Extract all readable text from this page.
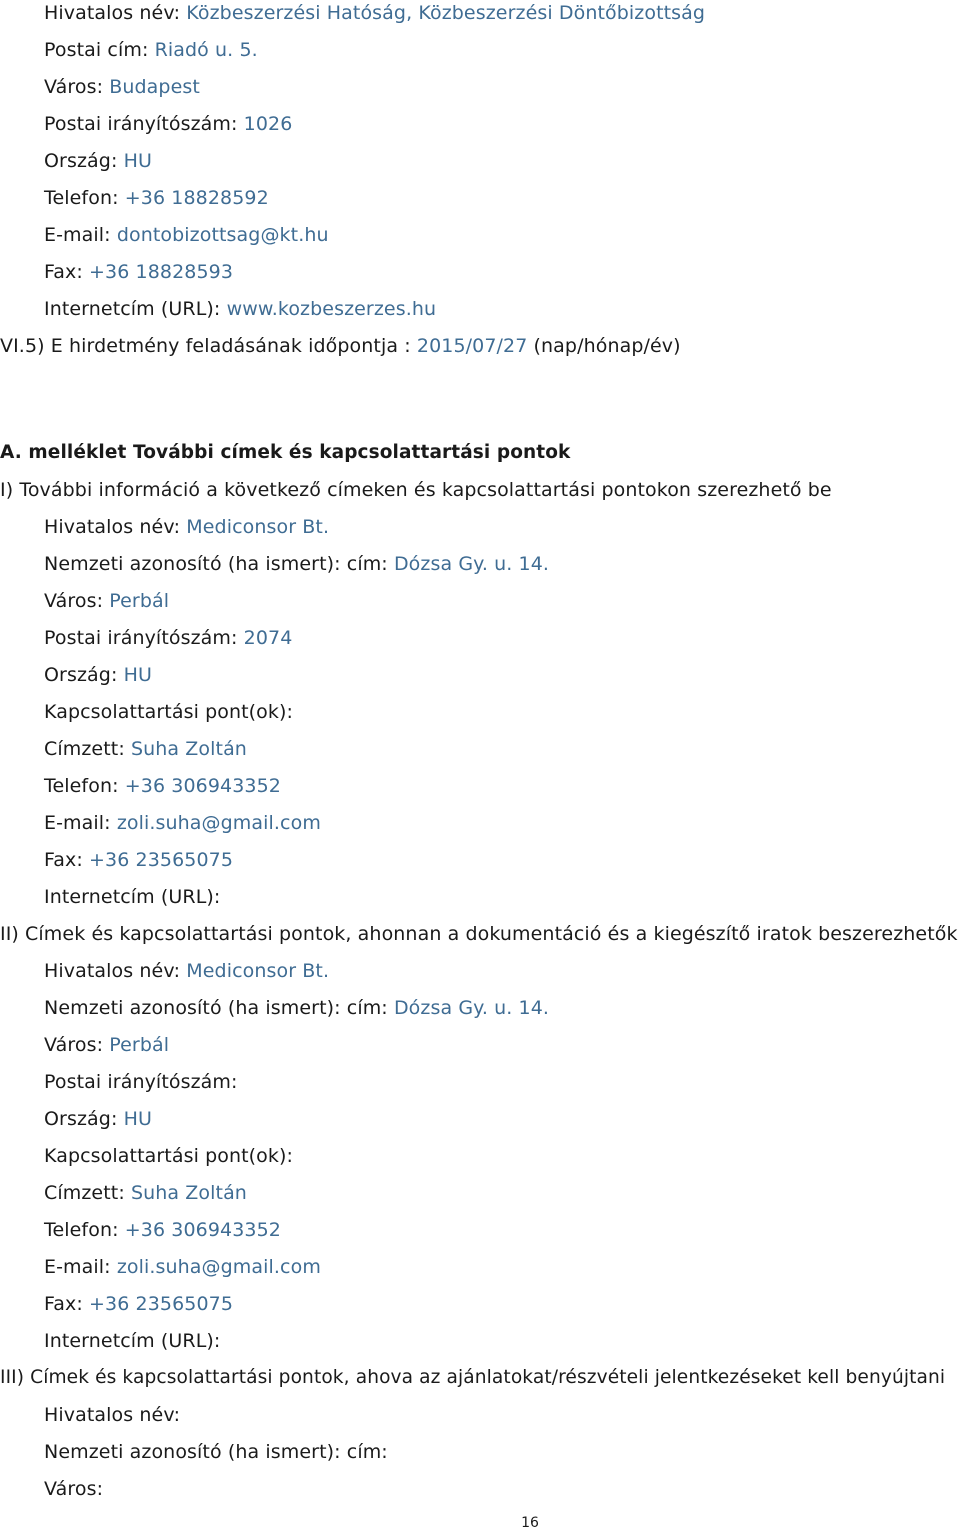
Hivatalos név: Közbeszerzési Hatóság, Közbeszerzési Döntőbizottság
Postai cím: Riadó u. 5.
Város: Budapest
Postai irányítószám: 1026
Ország: HU
Telefon: +36 18828592
E-mail: dontobizottsag@kt.hu
Fax: +36 18828593
Internetcím (URL): www.kozbeszerzes.hu
VI.5) E hirdetmény feladásának időpontja : 2015/07/27 (nap/hónap/év)
A. melléklet További címek és kapcsolattartási pontok
I) További információ a következő címeken és kapcsolattartási pontokon szerezhető be
Hivatalos név: Mediconsor Bt.
Nemzeti azonosító (ha ismert): cím: Dózsa Gy. u. 14.
Város: Perbál
Postai irányítószám: 2074
Ország: HU
Kapcsolattartási pont(ok):
Címzett: Suha Zoltán
Telefon: +36 306943352
E-mail: zoli.suha@gmail.com
Fax: +36 23565075
Internetcím (URL):
II) Címek és kapcsolattartási pontok, ahonnan a dokumentáció és a kiegészítő iratok beszerezhetők
Hivatalos név: Mediconsor Bt.
Nemzeti azonosító (ha ismert): cím: Dózsa Gy. u. 14.
Város: Perbál
Postai irányítószám:
Ország: HU
Kapcsolattartási pont(ok):
Címzett: Suha Zoltán
Telefon: +36 306943352
E-mail: zoli.suha@gmail.com
Fax: +36 23565075
Internetcím (URL):
III) Címek és kapcsolattartási pontok, ahova az ajánlatokat/részvételi jelentkezéseket kell benyújtani
Hivatalos név:
Nemzeti azonosító (ha ismert): cím:
Város:
16
